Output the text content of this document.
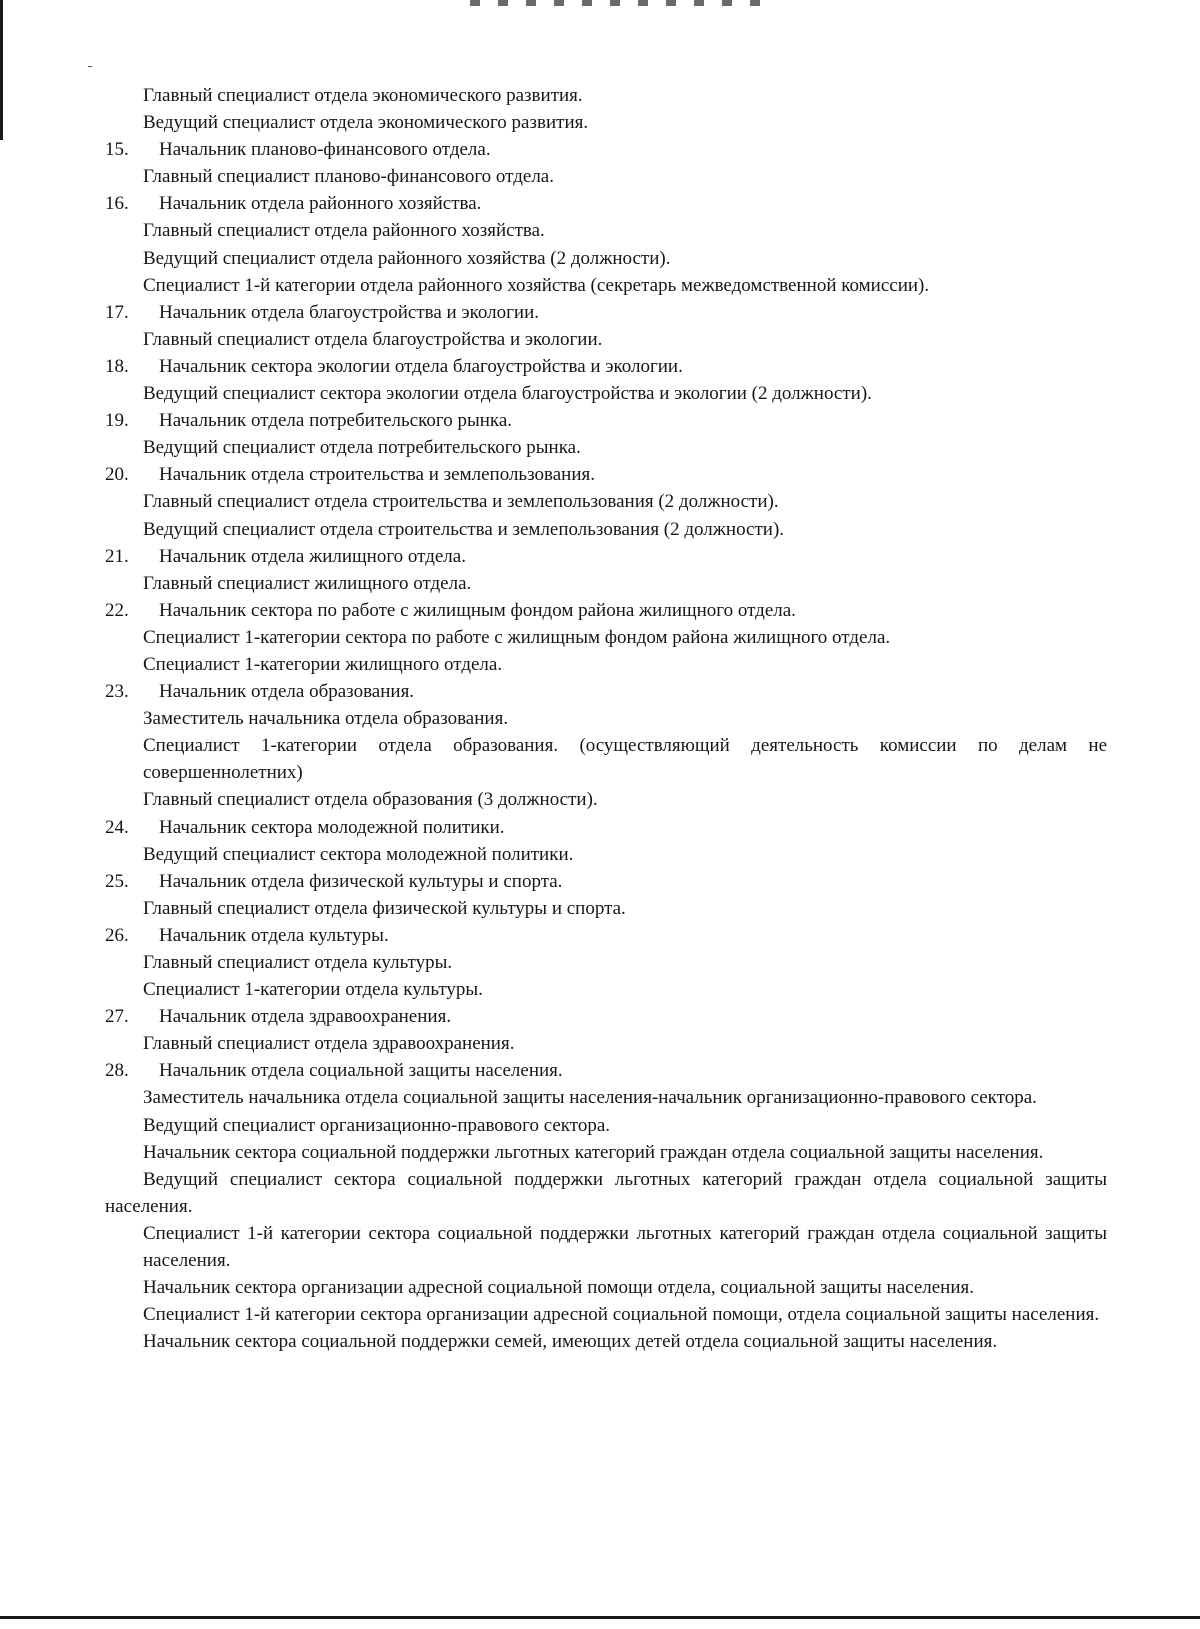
Главный специалист отдела экономического развития.
Ведущий специалист отдела экономического развития.
15. Начальник планово-финансового отдела.
Главный специалист планово-финансового отдела.
16. Начальник отдела районного хозяйства.
Главный специалист отдела районного хозяйства.
Ведущий специалист отдела районного хозяйства (2 должности).
Специалист 1-й категории отдела районного хозяйства (секретарь межведомственной комиссии).
17. Начальник отдела благоустройства и экологии.
Главный специалист отдела благоустройства и экологии.
18. Начальник сектора экологии отдела благоустройства и экологии.
Ведущий специалист сектора экологии отдела благоустройства и экологии (2 должности).
19. Начальник отдела потребительского рынка.
Ведущий специалист отдела потребительского рынка.
20. Начальник отдела строительства и землепользования.
Главный специалист отдела строительства и землепользования (2 должности).
Ведущий специалист отдела строительства и землепользования (2 должности).
21. Начальник отдела жилищного отдела.
Главный специалист жилищного отдела.
22. Начальник сектора по работе с жилищным фондом района жилищного отдела.
Специалист 1-категории сектора по работе с жилищным фондом района жилищного отдела.
Специалист 1-категории жилищного отдела.
23. Начальник отдела образования.
Заместитель начальника отдела образования.
Специалист 1-категории отдела образования. (осуществляющий деятельность комиссии по делам не совершеннолетних)
Главный специалист отдела образования (3 должности).
24. Начальник сектора молодежной политики.
Ведущий специалист сектора молодежной политики.
25. Начальник отдела физической культуры и спорта.
Главный специалист отдела физической культуры и спорта.
26. Начальник отдела культуры.
Главный специалист отдела культуры.
Специалист 1-категории отдела культуры.
27. Начальник отдела здравоохранения.
Главный специалист отдела здравоохранения.
28. Начальник отдела социальной защиты населения.
Заместитель начальника отдела социальной защиты населения-начальник организационно-правового сектора.
Ведущий специалист организационно-правового сектора.
Начальник сектора социальной поддержки льготных категорий граждан отдела социальной защиты населения.
Ведущий специалист сектора социальной поддержки льготных категорий граждан отдела социальной защиты населения.
Специалист 1-й категории сектора социальной поддержки льготных категорий граждан отдела социальной защиты населения.
Начальник сектора организации адресной социальной помощи отдела, социальной защиты населения.
Специалист 1-й категории сектора организации адресной социальной помощи, отдела социальной защиты населения.
Начальник сектора социальной поддержки семей, имеющих детей отдела социальной защиты населения.
